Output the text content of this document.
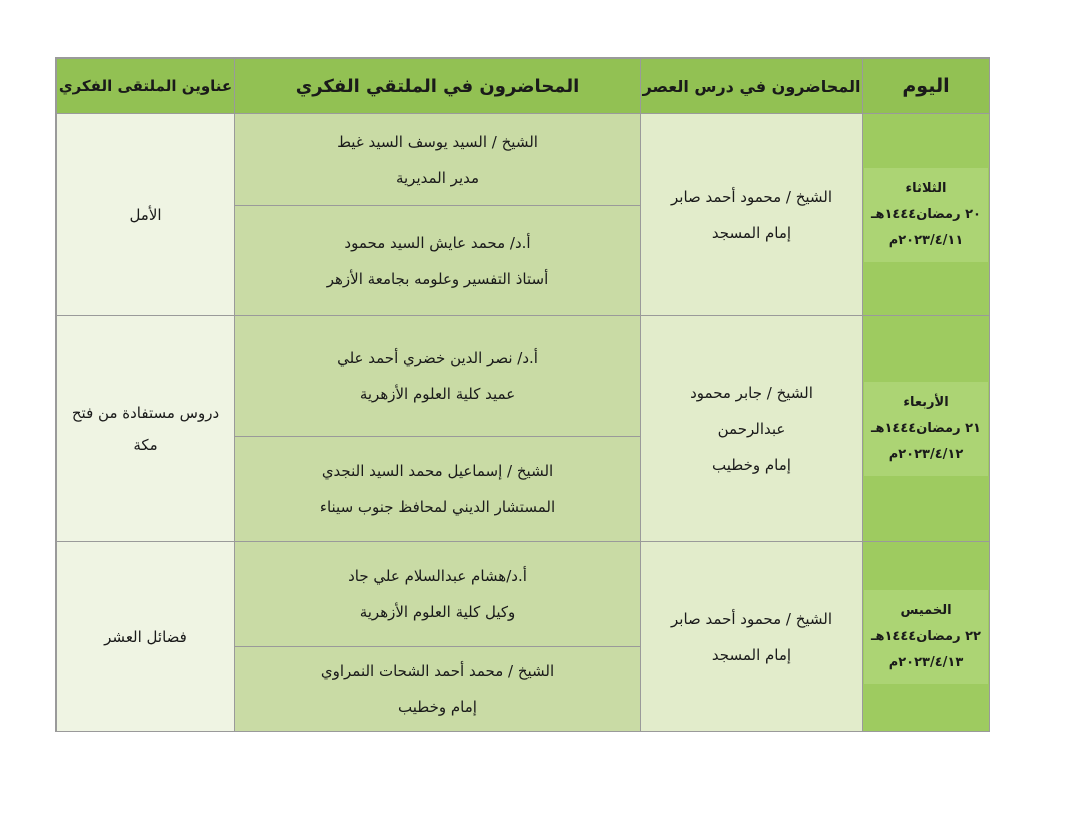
اليوم
المحاضرون في درس العصر
المحاضرون في الملتقي الفكري
عناوين الملتقى الفكري
الثلاثاء
٢٠ رمضان١٤٤٤هـ
٢٠٢٣/٤/١١م
الشيخ / محمود أحمد صابر
إمام المسجد
الشيخ / السيد يوسف السيد غيط
مدير المديرية
أ.د/ محمد عايش السيد محمود
أستاذ التفسير وعلومه بجامعة الأزهر
الأمل
الأربعاء
٢١ رمضان١٤٤٤هـ
٢٠٢٣/٤/١٢م
الشيخ / جابر محمود
عبدالرحمن
إمام وخطيب
أ.د/ نصر الدين خضري أحمد علي
عميد كلية العلوم الأزهرية
الشيخ / إسماعيل محمد السيد النجدي
المستشار الديني لمحافظ جنوب سيناء
دروس مستفادة من فتح
مكة
الخميس
٢٢ رمضان١٤٤٤هـ
٢٠٢٣/٤/١٣م
الشيخ / محمود أحمد صابر
إمام المسجد
أ.د/هشام عبدالسلام علي جاد
وكيل كلية العلوم الأزهرية
الشيخ / محمد أحمد الشحات النمراوي
إمام وخطيب
فضائل العشر
